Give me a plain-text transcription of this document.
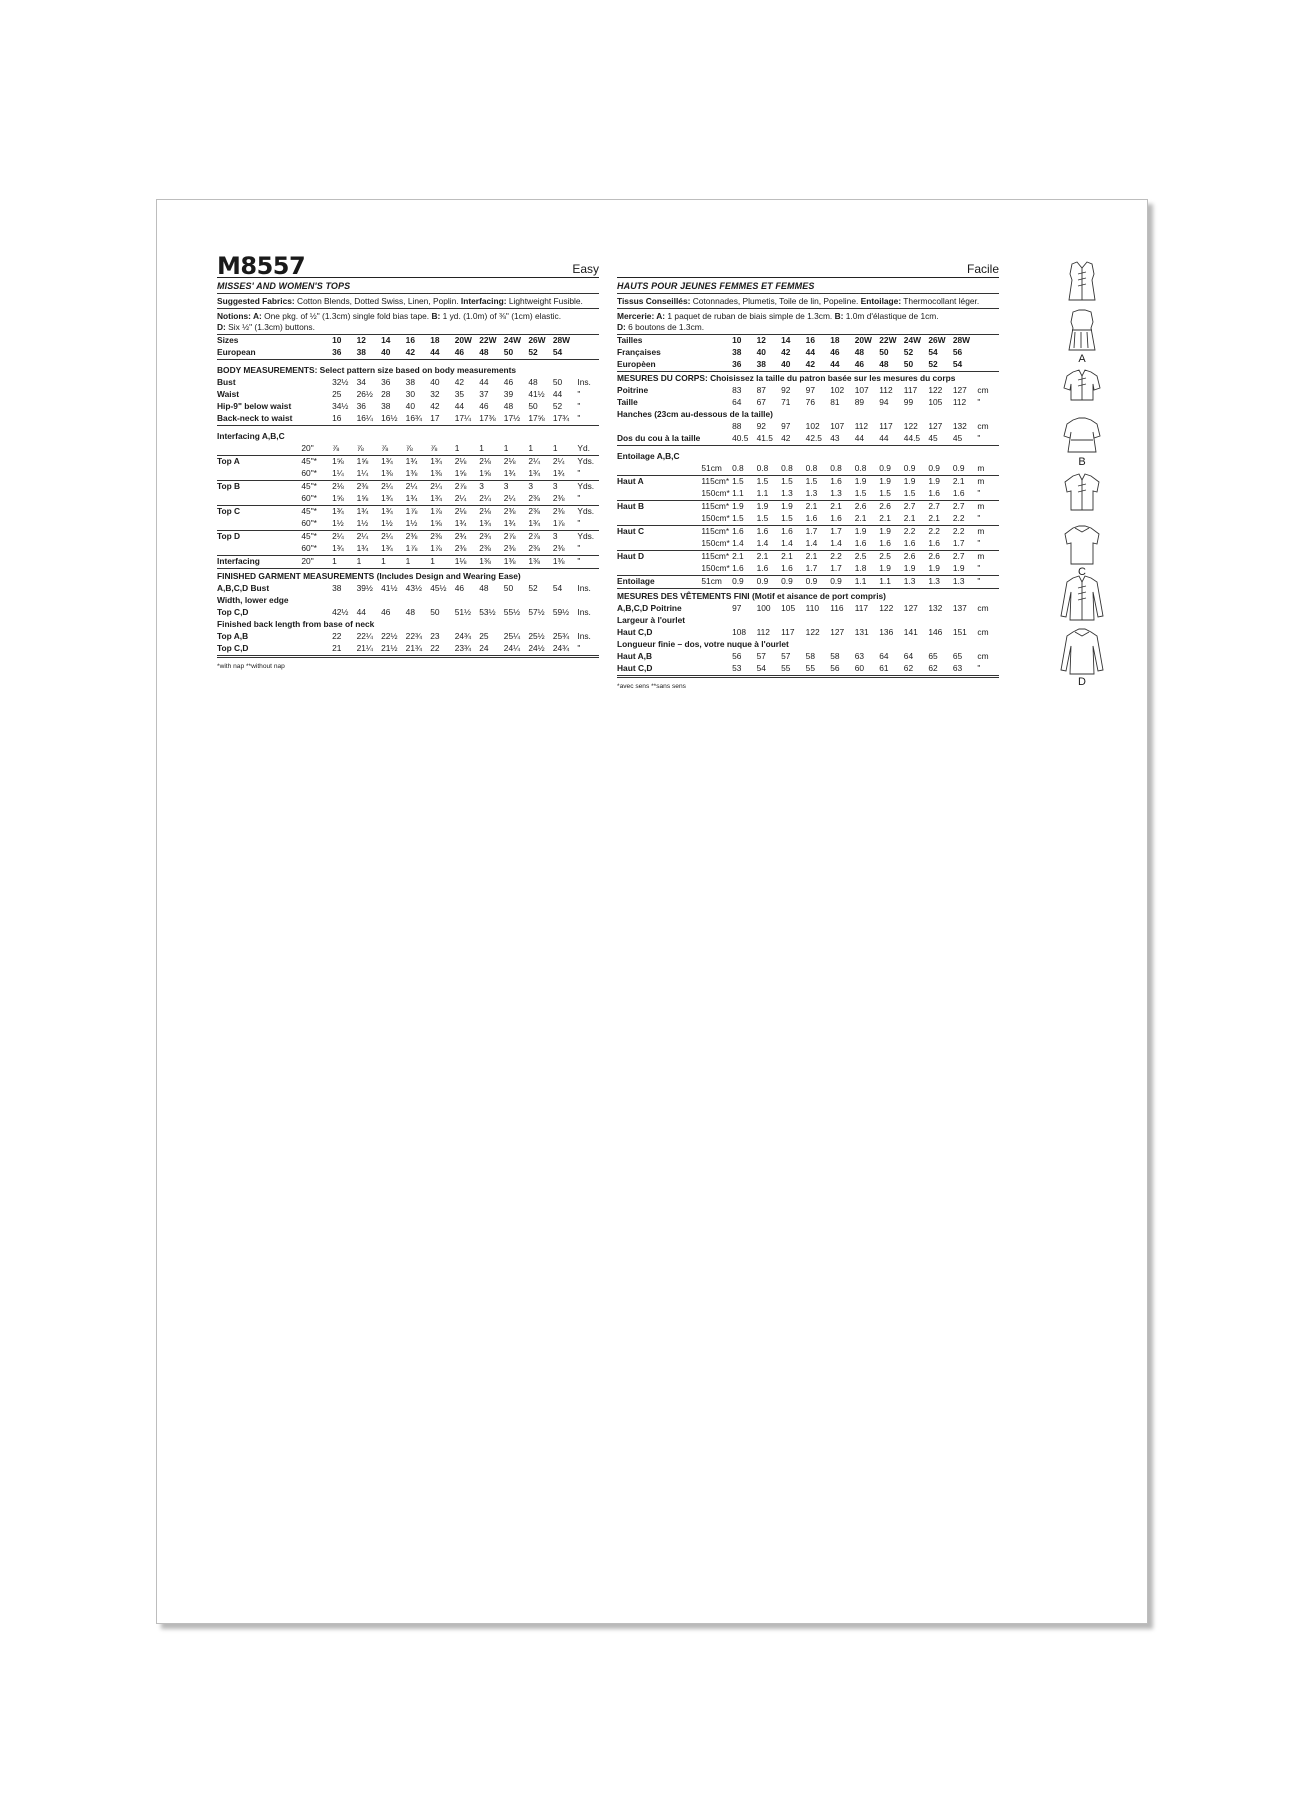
M8557	Easy
MISSES' AND WOMEN'S TOPS
Suggested Fabrics: Cotton Blends, Dotted Swiss, Linen, Poplin. Interfacing: Lightweight Fusible.
Notions: A: One pkg. of ½" (1.3cm) single fold bias tape. B: 1 yd. (1.0m) of ⅜" (1cm) elastic.
D: Six ½" (1.3cm) buttons.
Sizes		10	12	14	16	18	20W	22W	24W	26W	28W	
European		36	38	40	42	44	46	48	50	52	54	
BODY MEASUREMENTS: Select pattern size based on body measurements
Bust		32½	34	36	38	40	42	44	46	48	50	Ins.
Waist		25	26½	28	30	32	35	37	39	41½	44	"
Hip-9" below waist		34½	36	38	40	42	44	46	48	50	52	"
Back-neck to waist		16	16¼	16½	16¾	17	17¼	17⅜	17½	17⅝	17¾	"
Interfacing A,B,C
	20"	⅞	⅞	⅞	⅞	⅞	1	1	1	1	1	Yd.
Top A	45"*	1⅝	1⅝	1¾	1¾	1¾	2⅛	2⅛	2⅛	2¼	2¼	Yds.
	60"*	1¼	1¼	1⅜	1⅜	1⅜	1⅝	1⅝	1¾	1¾	1¾	"
Top B	45"*	2⅛	2⅜	2¼	2¼	2¼	2⅞	3	3	3	3	Yds.
	60"*	1⅝	1⅝	1¾	1¾	1¾	2¼	2¼	2¼	2⅜	2⅜	"
Top C	45"*	1¾	1¾	1¾	1⅞	1⅞	2⅛	2⅛	2⅜	2⅜	2⅜	Yds.
	60"*	1½	1½	1½	1½	1⅝	1¾	1¾	1¾	1¾	1⅞	"
Top D	45"*	2¼	2¼	2¼	2⅜	2⅜	2¾	2¾	2⅞	2⅞	3	Yds.
	60"*	1¾	1¾	1¾	1⅞	1⅞	2⅜	2⅜	2⅜	2⅜	2⅜	"
Interfacing	20"	1	1	1	1	1	1⅛	1⅜	1⅜	1⅜	1⅜	"
FINISHED GARMENT MEASUREMENTS (Includes Design and Wearing Ease)
A,B,C,D Bust		38	39½	41½	43½	45½	46	48	50	52	54	Ins.
Width, lower edge												
Top C,D		42½	44	46	48	50	51½	53½	55½	57½	59½	Ins.
Finished back length from base of neck												
Top A,B		22	22¼	22½	22¾	23	24¾	25	25¼	25½	25¾	Ins.
Top C,D		21	21¼	21½	21¾	22	23¾	24	24¼	24½	24¾	"
*with nap **without nap
Facile
HAUTS POUR JEUNES FEMMES ET FEMMES
Tissus Conseillés: Cotonnades, Plumetis, Toile de lin, Popeline. Entoilage: Thermocollant léger.
Mercerie: A: 1 paquet de ruban de biais simple de 1.3cm. B: 1.0m d'élastique de 1cm.
D: 6 boutons de 1.3cm.
Tailles		10	12	14	16	18	20W	22W	24W	26W	28W	
Françaises		38	40	42	44	46	48	50	52	54	56	
Europèen		36	38	40	42	44	46	48	50	52	54	
MESURES DU CORPS: Choisissez la taille du patron basée sur les mesures du corps
Poitrine		83	87	92	97	102	107	112	117	122	127	cm
Taille		64	67	71	76	81	89	94	99	105	112	"
Hanches (23cm au-dessous de la taille)												
		88	92	97	102	107	112	117	122	127	132	cm
Dos du cou à la taille		40.5	41.5	42	42.5	43	44	44	44.5	45	45	"
Entoilage A,B,C
	51cm	0.8	0.8	0.8	0.8	0.8	0.8	0.9	0.9	0.9	0.9	m
Haut A	115cm*	1.5	1.5	1.5	1.5	1.6	1.9	1.9	1.9	1.9	2.1	m
	150cm*	1.1	1.1	1.3	1.3	1.3	1.5	1.5	1.5	1.6	1.6	"
Haut B	115cm*	1.9	1.9	1.9	2.1	2.1	2.6	2.6	2.7	2.7	2.7	m
	150cm*	1.5	1.5	1.5	1.6	1.6	2.1	2.1	2.1	2.1	2.2	"
Haut C	115cm*	1.6	1.6	1.6	1.7	1.7	1.9	1.9	2.2	2.2	2.2	m
	150cm*	1.4	1.4	1.4	1.4	1.4	1.6	1.6	1.6	1.6	1.7	"
Haut D	115cm*	2.1	2.1	2.1	2.1	2.2	2.5	2.5	2.6	2.6	2.7	m
	150cm*	1.6	1.6	1.6	1.7	1.7	1.8	1.9	1.9	1.9	1.9	"
Entoilage	51cm	0.9	0.9	0.9	0.9	0.9	1.1	1.1	1.3	1.3	1.3	"
MESURES DES VÊTEMENTS FINI (Motif et aisance de port compris)
A,B,C,D Poitrine		97	100	105	110	116	117	122	127	132	137	cm
Largeur à l'ourlet												
Haut C,D		108	112	117	122	127	131	136	141	146	151	cm
Longueur finie – dos, votre nuque à l'ourlet												
Haut A,B		56	57	57	58	58	63	64	64	65	65	cm
Haut C,D		53	54	55	55	56	60	61	62	62	63	"
*avec sens **sans sens
A
B
C
D
